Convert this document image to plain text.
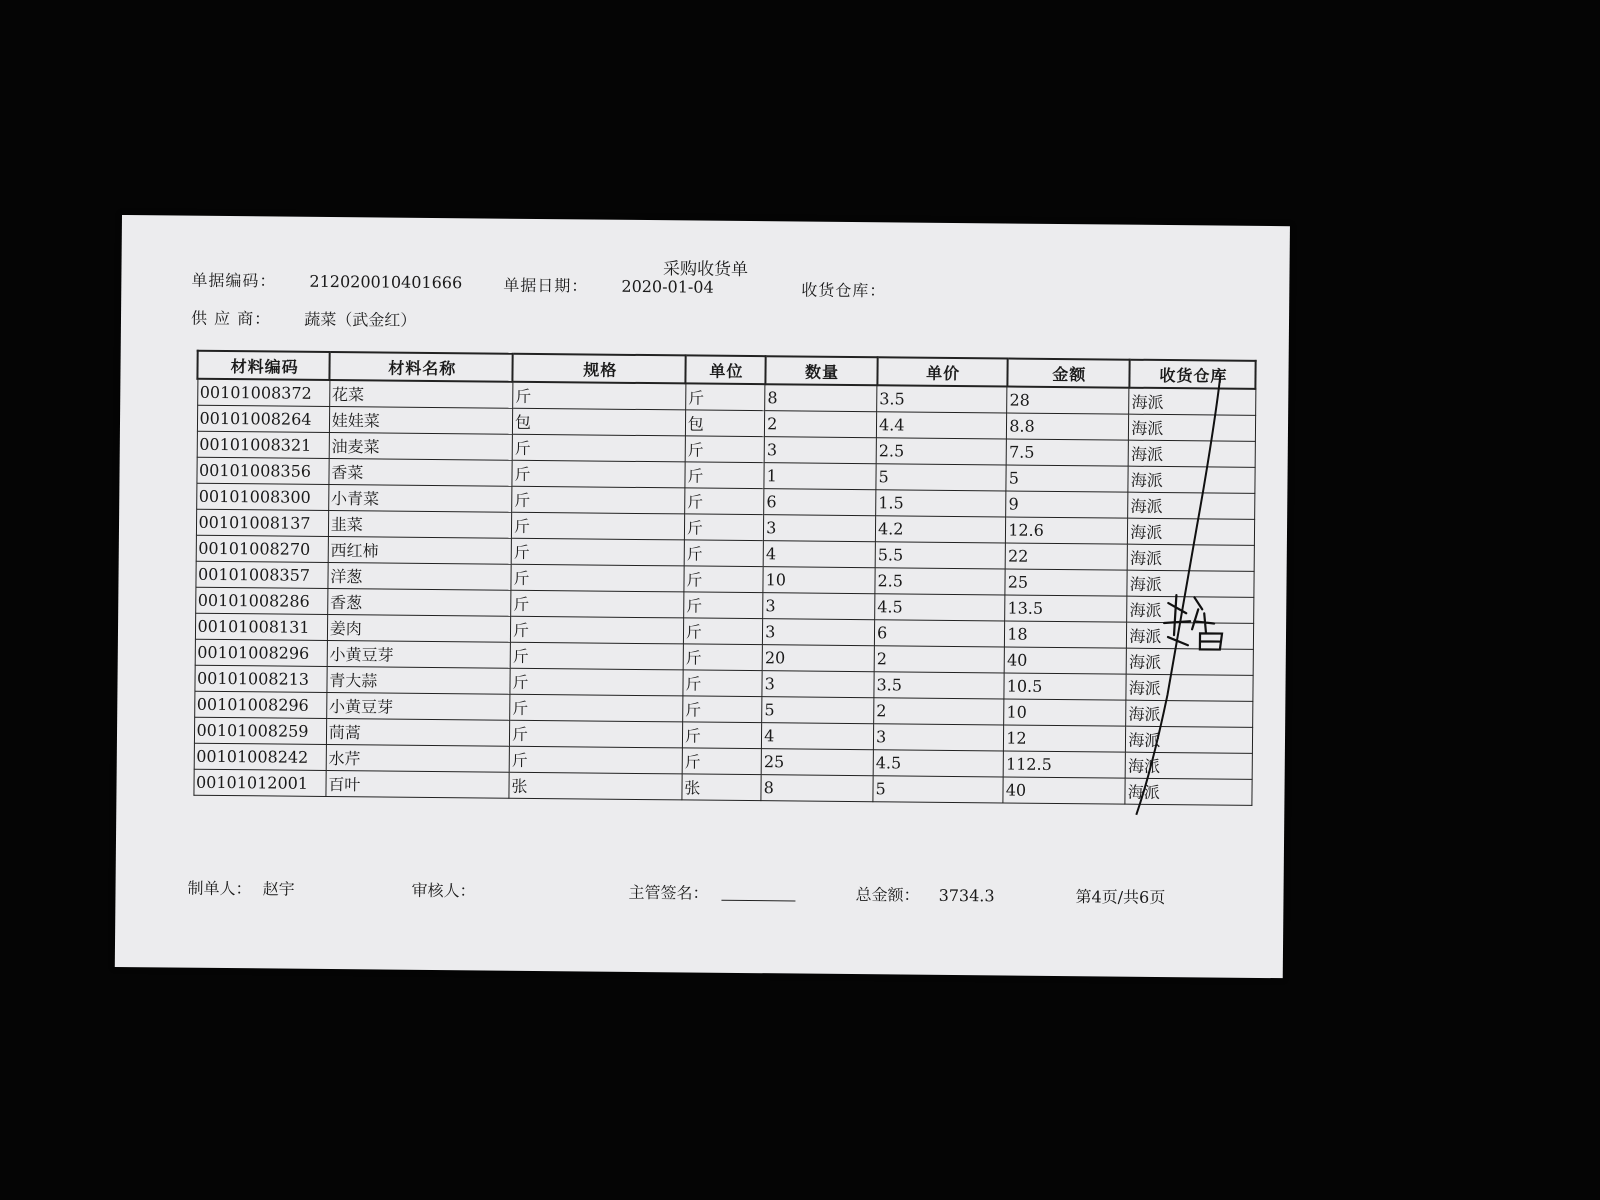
采购收货单
单据编码： 212020010401666	单据日期： 2020-01-04	收货仓库：
供 应 商： 蔬菜（武金红）
材料编码	材料名称	规格	单位	数量	单价	金额	收货仓库
00101008372	花菜	斤	斤	8	3.5	28	海派
00101008264	娃娃菜	包	包	2	4.4	8.8	海派
00101008321	油麦菜	斤	斤	3	2.5	7.5	海派
00101008356	香菜	斤	斤	1	5	5	海派
00101008300	小青菜	斤	斤	6	1.5	9	海派
00101008137	韭菜	斤	斤	3	4.2	12.6	海派
00101008270	西红柿	斤	斤	4	5.5	22	海派
00101008357	洋葱	斤	斤	10	2.5	25	海派
00101008286	香葱	斤	斤	3	4.5	13.5	海派
00101008131	姜肉	斤	斤	3	6	18	海派
00101008296	小黄豆芽	斤	斤	20	2	40	海派
00101008213	青大蒜	斤	斤	3	3.5	10.5	海派
00101008296	小黄豆芽	斤	斤	5	2	10	海派
00101008259	茼蒿	斤	斤	4	3	12	海派
00101008242	水芹	斤	斤	25	4.5	112.5	海派
00101012001	百叶	张	张	8	5	40	海派
制单人： 赵宇	审核人：	主管签名：	总金额： 3734.3	第4页/共6页
